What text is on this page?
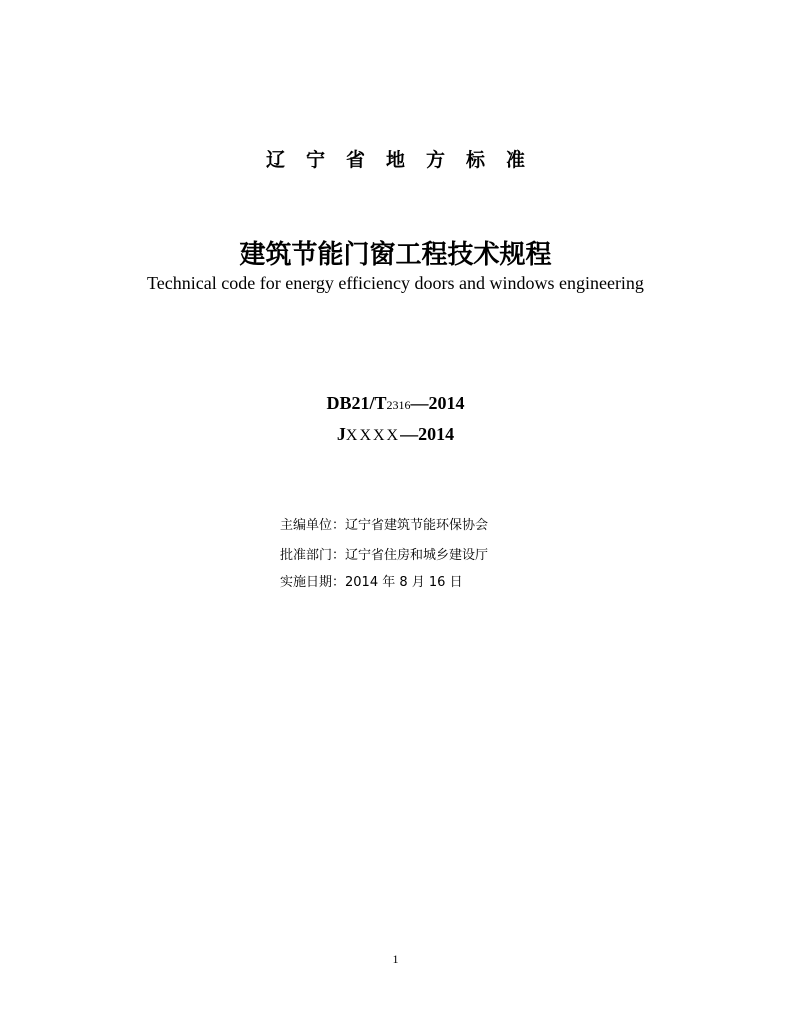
辽宁省地方标准
建筑节能门窗工程技术规程
Technical code for energy efficiency doors and windows engineering
DB21/T2316—2014
JXXXX—2014
主编单位：辽宁省建筑节能环保协会
批准部门：辽宁省住房和城乡建设厅
实施日期：2014 年 8 月 16 日
1
